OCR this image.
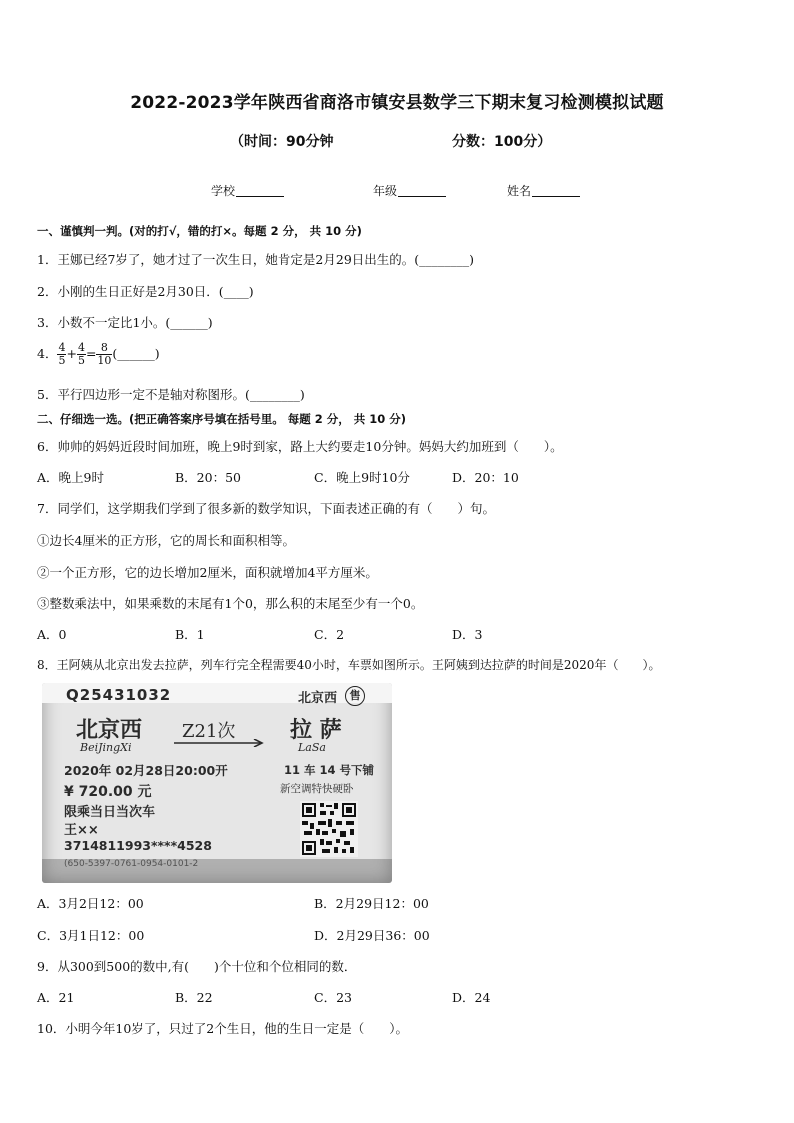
2022-2023学年陕西省商洛市镇安县数学三下期末复习检测模拟试题
（时间：90分钟	分数：100分）
学校	年级	姓名
一、谨慎判一判。(对的打√，错的打×。每题 2 分， 共 10 分)
1．王娜已经7岁了，她才过了一次生日，她肯定是2月29日出生的。(________)
2．小刚的生日正好是2月30日．(____)
3．小数不一定比1小。(______)
4． $\frac{4}{5} + \frac{4}{5} = \frac{8}{10}$ (______)
5．平行四边形一定不是轴对称图形。(________)
二、仔细选一选。(把正确答案序号填在括号里。 每题 2 分， 共 10 分)
6．帅帅的妈妈近段时间加班，晚上9时到家，路上大约要走10分钟。妈妈大约加班到（　　）。
A．晚上9时	B．20：50	C．晚上9时10分	D．20：10
7．同学们，这学期我们学到了很多新的数学知识，下面表述正确的有（　　）句。
①边长4厘米的正方形，它的周长和面积相等。
②一个正方形，它的边长增加2厘米，面积就增加4平方厘米。
③整数乘法中，如果乘数的末尾有1个0，那么积的末尾至少有一个0。
A．0	B．1	C．2	D．3
8．王阿姨从北京出发去拉萨，列车行完全程需要40小时，车票如图所示。王阿姨到达拉萨的时间是2020年（　　）。
Q25431032	北京西	售
北京西
BeiJingXi
Z21次 拉 萨
LaSa
2020年 02月28日20:00开	11 车 14 号下铺
¥ 720.00 元	新空调特快硬卧
限乘当日当次车
王××
3714811993****4528
(650-5397-0761-0954-0101-2
A．3月2日12：00	B．2月29日12：00
C．3月1日12：00	D．2月29日36：00
9．从300到500的数中,有(　　)个十位和个位相同的数．
A．21	B．22	C．23	D．24
10．小明今年10岁了，只过了2个生日，他的生日一定是（　　）。
